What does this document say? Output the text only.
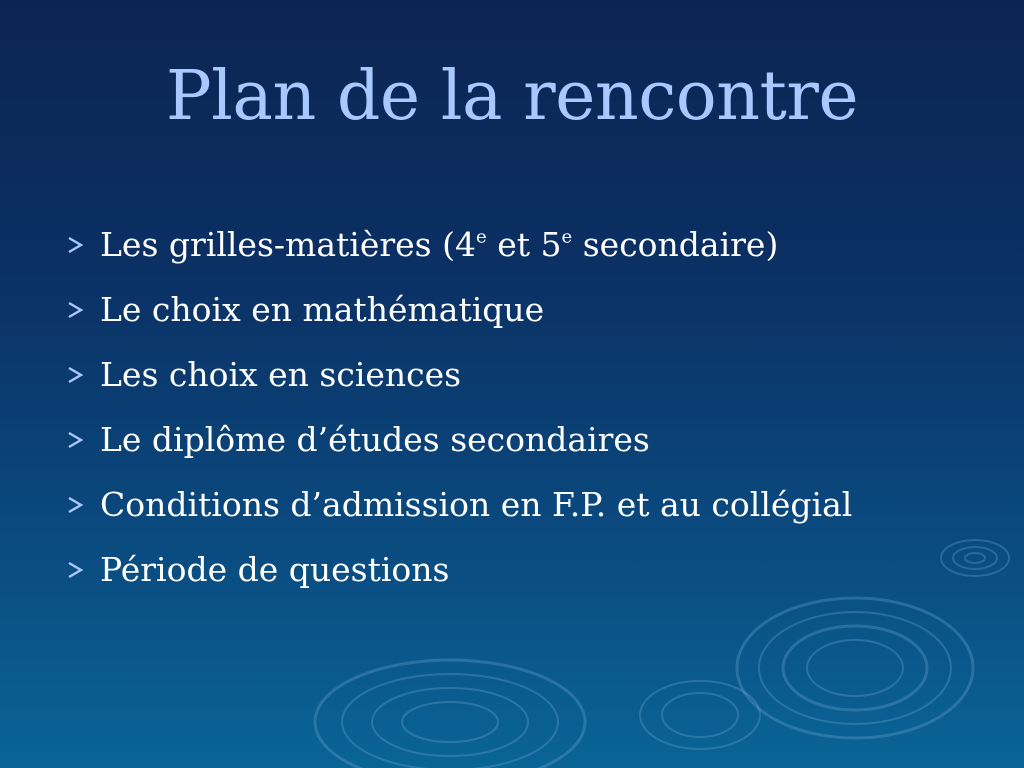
Plan de la rencontre
Les grilles-matières (4e et 5e secondaire)
Le choix en mathématique
Les choix en sciences
Le diplôme d’études secondaires
Conditions d’admission en F.P. et au collégial
Période de questions
